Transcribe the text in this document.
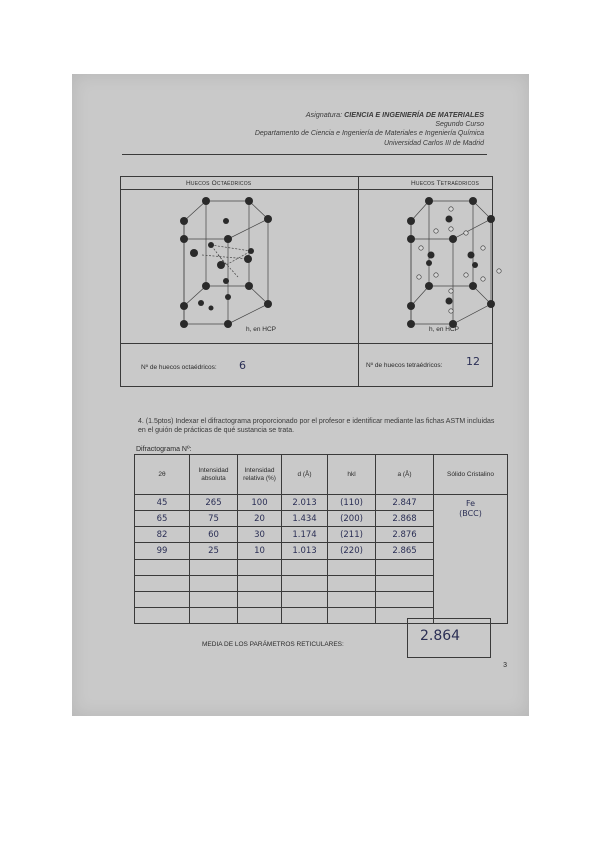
Asignatura: CIENCIA E INGENIERÍA DE MATERIALES
Segundo Curso
Departamento de Ciencia e Ingeniería de Materiales e Ingeniería Química
Universidad Carlos III de Madrid
Huecos Octaédricos	Huecos Tetraédricos
h, en HCP	h, en HCP
Nº de huecos octaédricos: 6	Nº de huecos tetraédricos: 12
4. (1.5ptos) Indexar el difractograma proporcionado por el profesor e identificar mediante las fichas ASTM incluidas en el guión de prácticas de qué sustancia se trata.
Difractograma Nº:
2θ	Intensidad absoluta	Intensidad relativa (%)	d (Å)	hkl	a (Å)	Sólido Cristalino
45	265	100	2.013	(110)	2.847	Fe
(BCC)

65	75	20	1.434	(200)	2.868	
82	60	30	1.174	(211)	2.876	
99	25	10	1.013	(220)	2.865	

MEDIA DE LOS PARÁMETROS RETICULARES:
2.864
3
